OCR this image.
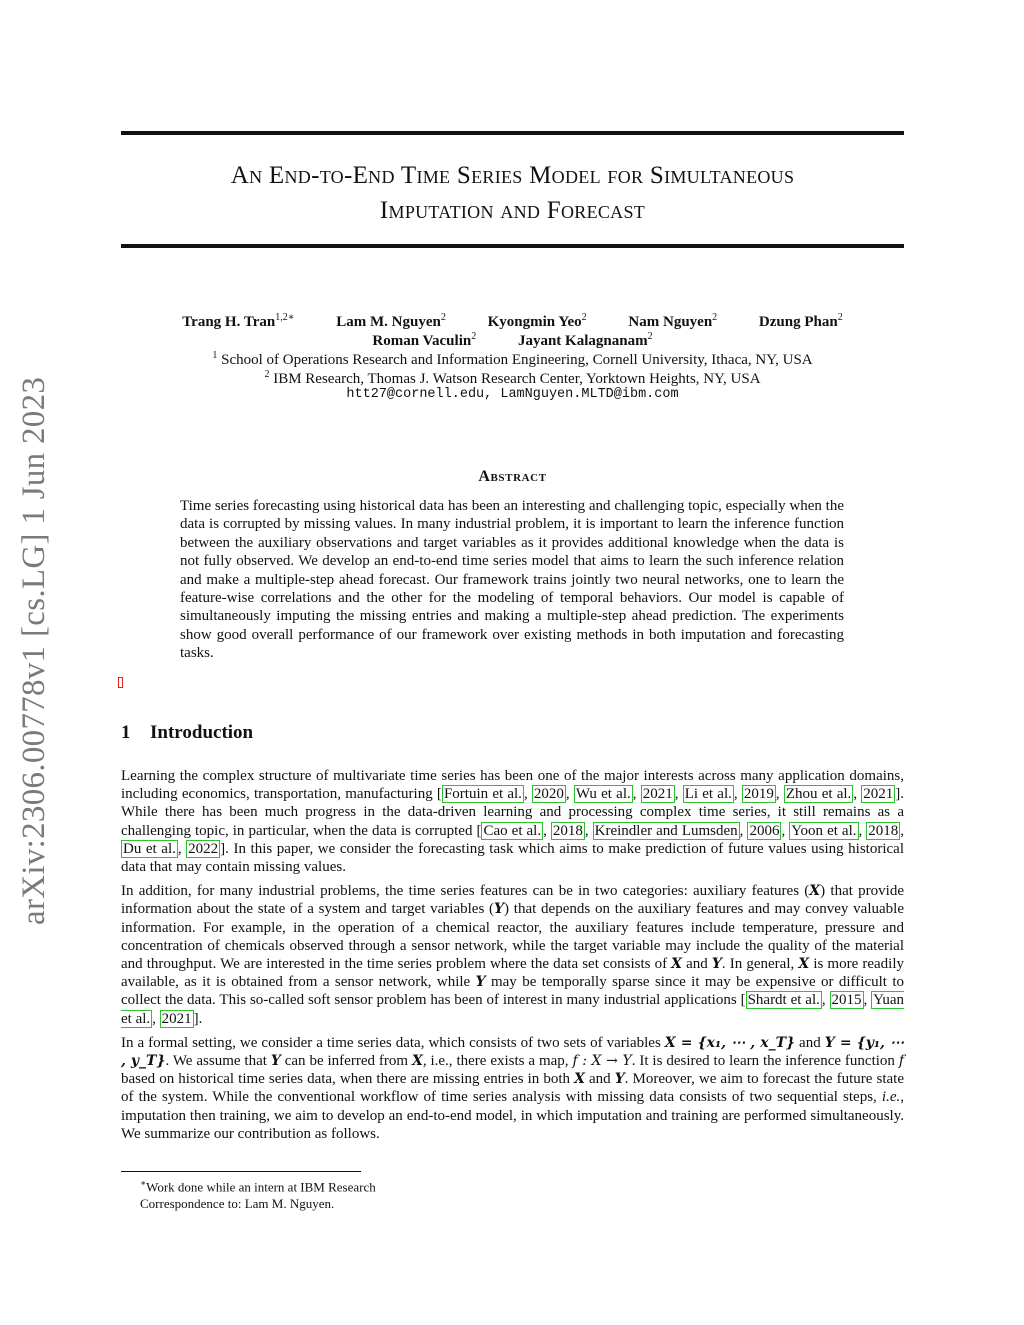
An End-to-End Time Series Model for Simultaneous
Imputation and Forecast
Trang H. Tran$^{1,2∗}$	Lam M. Nguyen$^2$	Kyongmin Yeo$^2$	Nam Nguyen$^2$	Dzung Phan$^2$
Roman Vaculin$^2$	Jayant Kalagnanam$^2$
$^1$ School of Operations Research and Information Engineering, Cornell University, Ithaca, NY, USA
$^2$ IBM Research, Thomas J. Watson Research Center, Yorktown Heights, NY, USA
htt27@cornell.edu, LamNguyen.MLTD@ibm.com
arXiv:2306.00778v1 [cs.LG] 1 Jun 2023	Abstract
Time series forecasting using historical data has been an interesting and challenging topic, especially when the data is corrupted by missing values. In many industrial problem, it is important to learn the inference function between the auxiliary observations and target variables as it provides additional knowledge when the data is not fully observed. We develop an end-to-end time series model that aims to learn the such inference relation and make a multiple-step ahead forecast. Our framework trains jointly two neural networks, one to learn the feature-wise correlations and the other for the modeling of temporal behaviors. Our model is capable of simultaneously imputing the missing entries and making a multiple-step ahead prediction. The experiments show good overall performance of our framework over existing methods in both imputation and forecasting tasks.
1 Introduction

Learning the complex structure of multivariate time series has been one of the major interests across many application domains, including economics, transportation, manufacturing [ Fortuin et al. , 2020 , Wu et al. , 2021 , Li et al. , 2019 , Zhou et al. , 2021 ]. While there has been much progress in the data-driven learning and processing complex time series, it still remains as a challenging topic, in particular, when the data is corrupted [ Cao et al. , 2018 , Kreindler and Lumsden , 2006 , Yoon et al. , 2018 , Du et al. , 2022 ]. In this paper, we consider the forecasting task which aims to make prediction of future values using historical data that may contain missing values.

In addition, for many industrial problems, the time series features can be in two categories: auxiliary features (X) that provide information about the state of a system and target variables (Y) that depends on the auxiliary features and may convey valuable information. For example, in the operation of a chemical reactor, the auxiliary features include temperature, pressure and concentration of chemicals observed through a sensor network, while the target variable may include the quality of the material and throughput. We are interested in the time series problem where the data set consists of X and Y. In general, X is more readily available, as it is obtained from a sensor network, while Y may be temporally sparse since it may be expensive or difficult to collect the data. This so-called soft sensor problem has been of interest in many industrial applications [ Shardt et al. , 2015 , Yuan et al. , 2021 ].

In a formal setting, we consider a time series data, which consists of two sets of variables X = {x₁, ⋯ , x_T} and Y = {y₁, ⋯ , y_T}. We assume that Y can be inferred from X, i.e., there exists a map, f : X → Y. It is desired to learn the inference function f based on historical time series data, when there are missing entries in both X and Y. Moreover, we aim to forecast the future state of the system. While the conventional workflow of time series analysis with missing data consists of two sequential steps, i.e., imputation then training, we aim to develop an end-to-end model, in which imputation and training are performed simultaneously. We summarize our contribution as follows.

∗Work done while an intern at IBM Research
Correspondence to: Lam M. Nguyen.
